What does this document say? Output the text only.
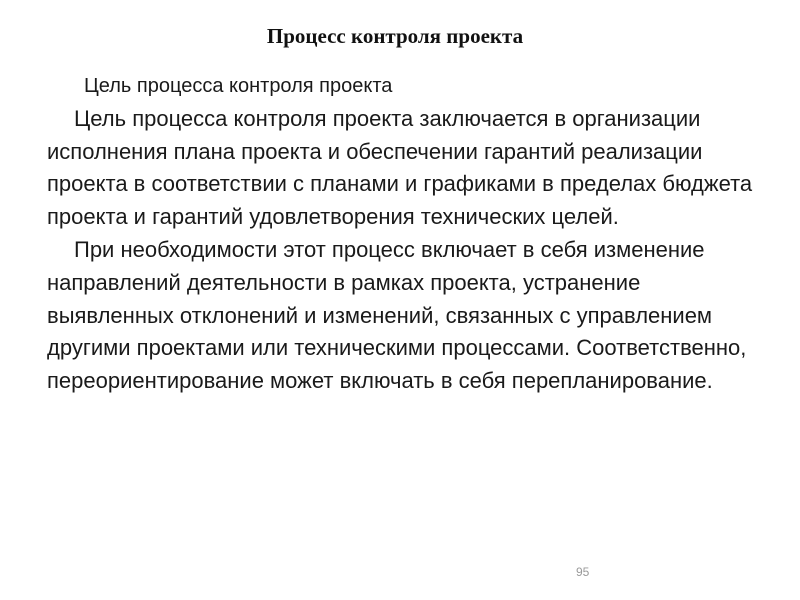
Процесс контроля проекта
Цель процесса контроля проекта

Цель процесса контроля проекта заключается в организации исполнения плана проекта и обеспечении гарантий реализации проекта в соответствии с планами и графиками в пределах бюджета проекта и гарантий удовлетворения технических целей.

При необходимости этот процесс включает в себя изменение направлений деятельности в рамках проекта, устранение выявленных отклонений и изменений, связанных с управлением другими проектами или техническими процессами. Соответственно, переориентирование может включать в себя перепланирование.

95
